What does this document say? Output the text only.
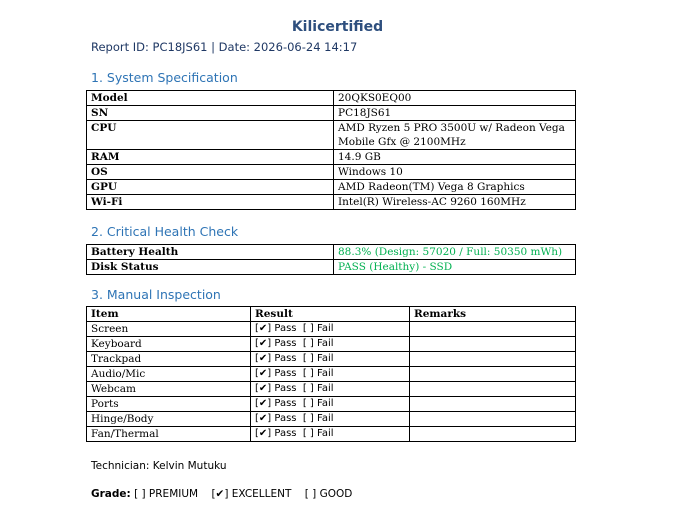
Kilicertified
Report ID: PC18JS61 | Date: 2026-06-24 14:17
1. System Specification
Model	20QKS0EQ00
SN	PC18JS61
CPU	AMD Ryzen 5 PRO 3500U w/ Radeon Vega Mobile Gfx @ 2100MHz
RAM	14.9 GB
OS	Windows 10
GPU	AMD Radeon(TM) Vega 8 Graphics
Wi-Fi	Intel(R) Wireless-AC 9260 160MHz
2. Critical Health Check
Battery Health	88.3% (Design: 57020 / Full: 50350 mWh)
Disk Status	PASS (Healthy) - SSD
3. Manual Inspection
Item	Result	Remarks
Screen	[✔] Pass  [ ] Fail	
Keyboard	[✔] Pass  [ ] Fail	
Trackpad	[✔] Pass  [ ] Fail	
Audio/Mic	[✔] Pass  [ ] Fail	
Webcam	[✔] Pass  [ ] Fail	
Ports	[✔] Pass  [ ] Fail	
Hinge/Body	[✔] Pass  [ ] Fail	
Fan/Thermal	[✔] Pass  [ ] Fail	
Technician: Kelvin Mutuku
Grade: [ ] PREMIUM [✔] EXCELLENT [ ] GOOD
